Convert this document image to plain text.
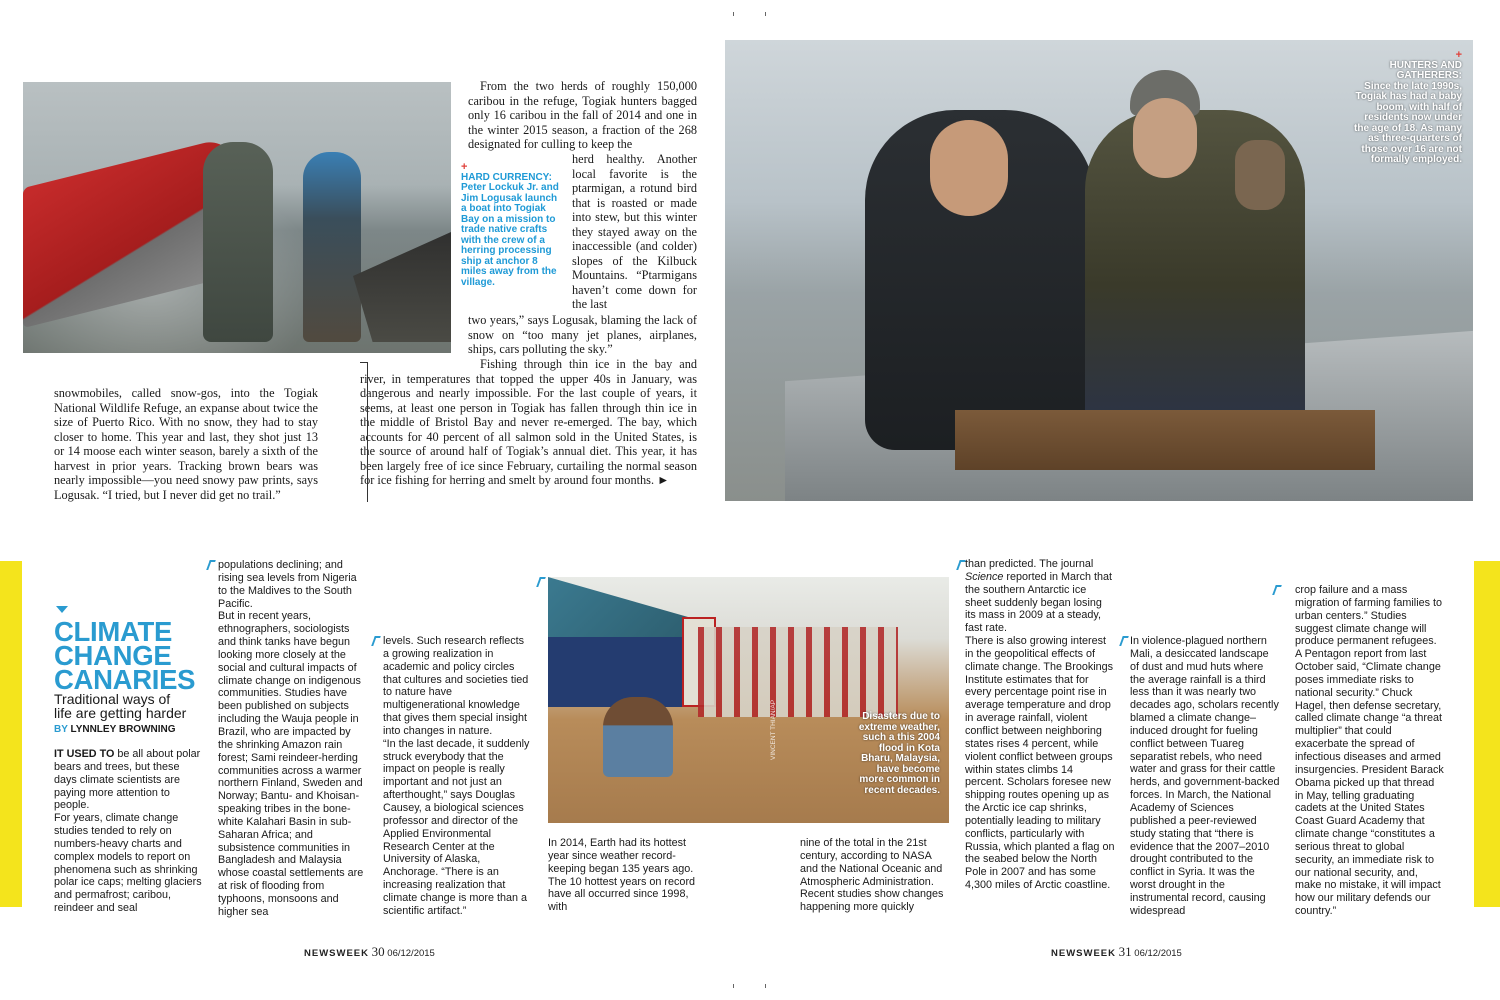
+
HARD CURRENCY:
Peter Lockuk Jr. and Jim Logusak launch a boat into Togiak Bay on a mission to trade native crafts with the crew of a herring processing ship at anchor 8 miles away from the village.
From the two herds of roughly 150,000 caribou in the refuge, Togiak hunters bagged only 16 caribou in the fall of 2014 and one in the winter 2015 season, a fraction of the 268 designated for culling to keep the
herd healthy. Another local favorite is the ptarmigan, a rotund bird that is roasted or made into stew, but this winter they stayed away on the inaccessible (and colder) slopes of the Kilbuck Mountains. “Ptarmigans haven’t come down for the last
two years,” says Logusak, blaming the lack of snow on “too many jet planes, airplanes, ships, cars polluting the sky.”
Fishing through thin ice in the bay and river, in temperatures that topped the upper 40s in January, was dangerous and nearly impossible. For the last couple of years, it seems, at least one person in Togiak has fallen through thin ice in the middle of Bristol Bay and never re-emerged. The bay, which accounts for 40 percent of all salmon sold in the United States, is the source of around half of Togiak’s annual diet. This year, it has been largely free of ice since February, curtailing the normal season for ice fishing for herring and smelt by around four months. ►
snowmobiles, called snow-gos, into the Togiak National Wildlife Refuge, an expanse about twice the size of Puerto Rico. With no snow, they had to stay closer to home. This year and last, they shot just 13 or 14 moose each winter season, barely a sixth of the harvest in prior years. Tracking brown bears was nearly impossible—you need snowy paw prints, says Logusak. “I tried, but I never did get no trail.”
+
HUNTERS AND GATHERERS:
Since the late 1990s, Togiak has had a baby boom, with half of residents now under the age of 18. As many as three-quarters of those over 16 are not formally employed.
CLIMATE
CHANGE
CANARIES
Traditional ways of
life are getting harder
BY LYNNLEY BROWNING
IT USED TO be all about polar bears and trees, but these days climate scientists are paying more attention to people.
For years, climate change studies tended to rely on numbers-heavy charts and complex models to report on phenomena such as shrinking polar ice caps; melting glaciers and permafrost; caribou, reindeer and seal
populations declining; and rising sea levels from Nigeria to the Maldives to the South Pacific.
But in recent years, ethnographers, sociologists and think tanks have begun looking more closely at the social and cultural impacts of climate change on indigenous communities. Studies have been published on subjects including the Wauja people in Brazil, who are impacted by the shrinking Amazon rain forest; Sami reindeer-herding communities across a warmer northern Finland, Sweden and Norway; Bantu- and Khoisan-speaking tribes in the bone-white Kalahari Basin in sub-Saharan Africa; and subsistence communities in Bangladesh and Malaysia whose coastal settlements are at risk of flooding from typhoons, monsoons and higher sea
levels. Such research reflects a growing realization in academic and policy circles that cultures and societies tied to nature have multigenerational knowledge that gives them special insight into changes in nature.
“In the last decade, it suddenly struck everybody that the impact on people is really important and not just an afterthought,” says Douglas Causey, a biological sciences professor and director of the Applied Environmental Research Center at the University of Alaska, Anchorage. “There is an increasing realization that climate change is more than a scientific artifact.”
VINCENT THIAN/AP	Disasters due to extreme weather, such a this 2004 flood in Kota Bharu, Malaysia, have become more common in recent decades.
In 2014, Earth had its hottest year since weather record-keeping began 135 years ago. The 10 hottest years on record have all occurred since 1998, with
nine of the total in the 21st century, according to NASA and the National Oceanic and Atmospheric Administration. Recent studies show changes happening more quickly
than predicted. The journal Science reported in March that the southern Antarctic ice sheet suddenly began losing its mass in 2009 at a steady, fast rate.
There is also growing interest in the geopolitical effects of climate change. The Brookings Institute estimates that for every percentage point rise in average temperature and drop in average rainfall, violent conflict between neighboring states rises 4 percent, while violent conflict between groups within states climbs 14 percent. Scholars foresee new shipping routes opening up as the Arctic ice cap shrinks, potentially leading to military conflicts, particularly with Russia, which planted a flag on the seabed below the North Pole in 2007 and has some 4,300 miles of Arctic coastline.
In violence-plagued northern Mali, a desiccated landscape of dust and mud huts where the average rainfall is a third less than it was nearly two decades ago, scholars recently blamed a climate change–induced drought for fueling conflict between Tuareg separatist rebels, who need water and grass for their cattle herds, and government-backed forces. In March, the National Academy of Sciences published a peer-reviewed study stating that “there is evidence that the 2007–2010 drought contributed to the conflict in Syria. It was the worst drought in the instrumental record, causing widespread
crop failure and a mass migration of farming families to urban centers.” Studies suggest climate change will produce permanent refugees.
A Pentagon report from last October said, “Climate change poses immediate risks to national security.” Chuck Hagel, then defense secretary, called climate change “a threat multiplier” that could exacerbate the spread of infectious diseases and armed insurgencies. President Barack Obama picked up that thread in May, telling graduating cadets at the United States Coast Guard Academy that climate change “constitutes a serious threat to global security, an immediate risk to our national security, and, make no mistake, it will impact how our military defends our country.”
NEWSWEEK 30 06/12/2015	NEWSWEEK 31 06/12/2015
